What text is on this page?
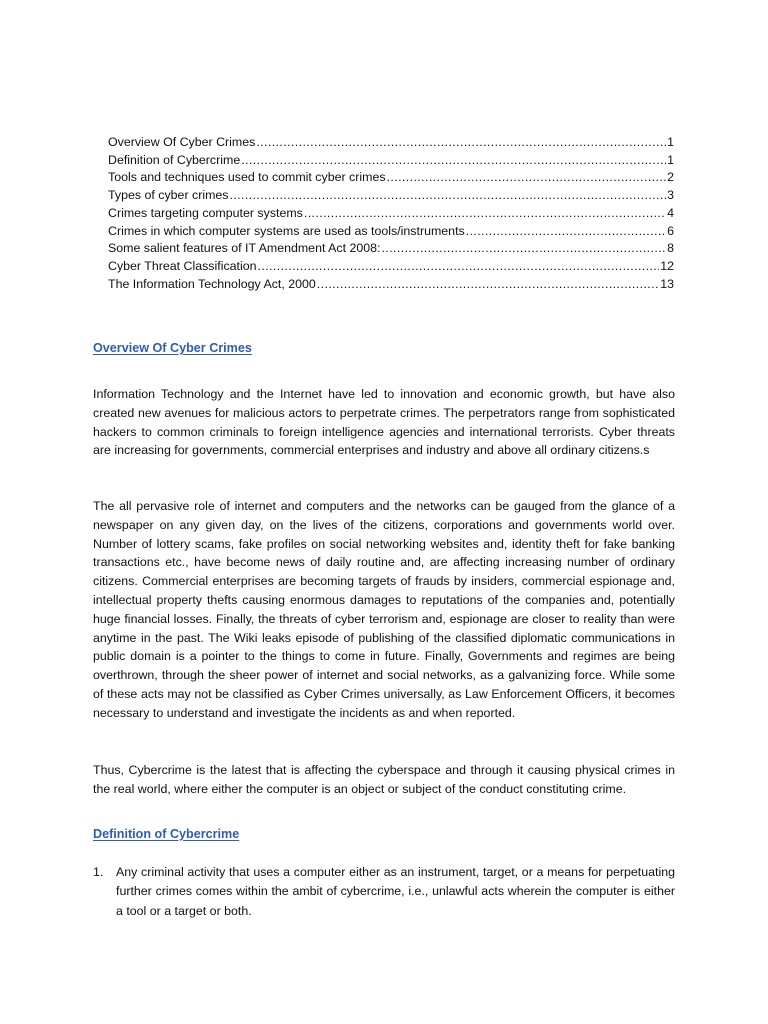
Overview Of Cyber Crimes .....	1
Definition of Cybercrime .....	1
Tools and techniques used to commit cyber crimes .....	2
Types of cyber crimes .....	3
Crimes targeting computer systems .....	4
Crimes in which computer systems are used as tools/instruments .....	6
Some salient features of IT Amendment Act 2008: .....	8
Cyber Threat Classification .....	12
The Information Technology Act, 2000 .....	13
Overview Of Cyber Crimes

Information Technology and the Internet have led to innovation and economic growth, but have also created new avenues for malicious actors to perpetrate crimes. The perpetrators range from sophisticated hackers to common criminals to foreign intelligence agencies and international terrorists. Cyber threats are increasing for governments, commercial enterprises and industry and above all ordinary citizens.s

The all pervasive role of internet and computers and the networks can be gauged from the glance of a newspaper on any given day, on the lives of the citizens, corporations and governments world over. Number of lottery scams, fake profiles on social networking websites and, identity theft for fake banking transactions etc., have become news of daily routine and, are affecting increasing number of ordinary citizens. Commercial enterprises are becoming targets of frauds by insiders, commercial espionage and, intellectual property thefts causing enormous damages to reputations of the companies and, potentially huge financial losses. Finally, the threats of cyber terrorism and, espionage are closer to reality than were anytime in the past. The Wiki leaks episode of publishing of the classified diplomatic communications in public domain is a pointer to the things to come in future. Finally, Governments and regimes are being overthrown, through the sheer power of internet and social networks, as a galvanizing force. While some of these acts may not be classified as Cyber Crimes universally, as Law Enforcement Officers, it becomes necessary to understand and investigate the incidents as and when reported.

Thus, Cybercrime is the latest that is affecting the cyberspace and through it causing physical crimes in the real world, where either the computer is an object or subject of the conduct constituting crime.

Definition of Cybercrime
1.	Any criminal activity that uses a computer either as an instrument, target, or a means for perpetuating further crimes comes within the ambit of cybercrime, i.e., unlawful acts wherein the computer is either a tool or a target or both.
